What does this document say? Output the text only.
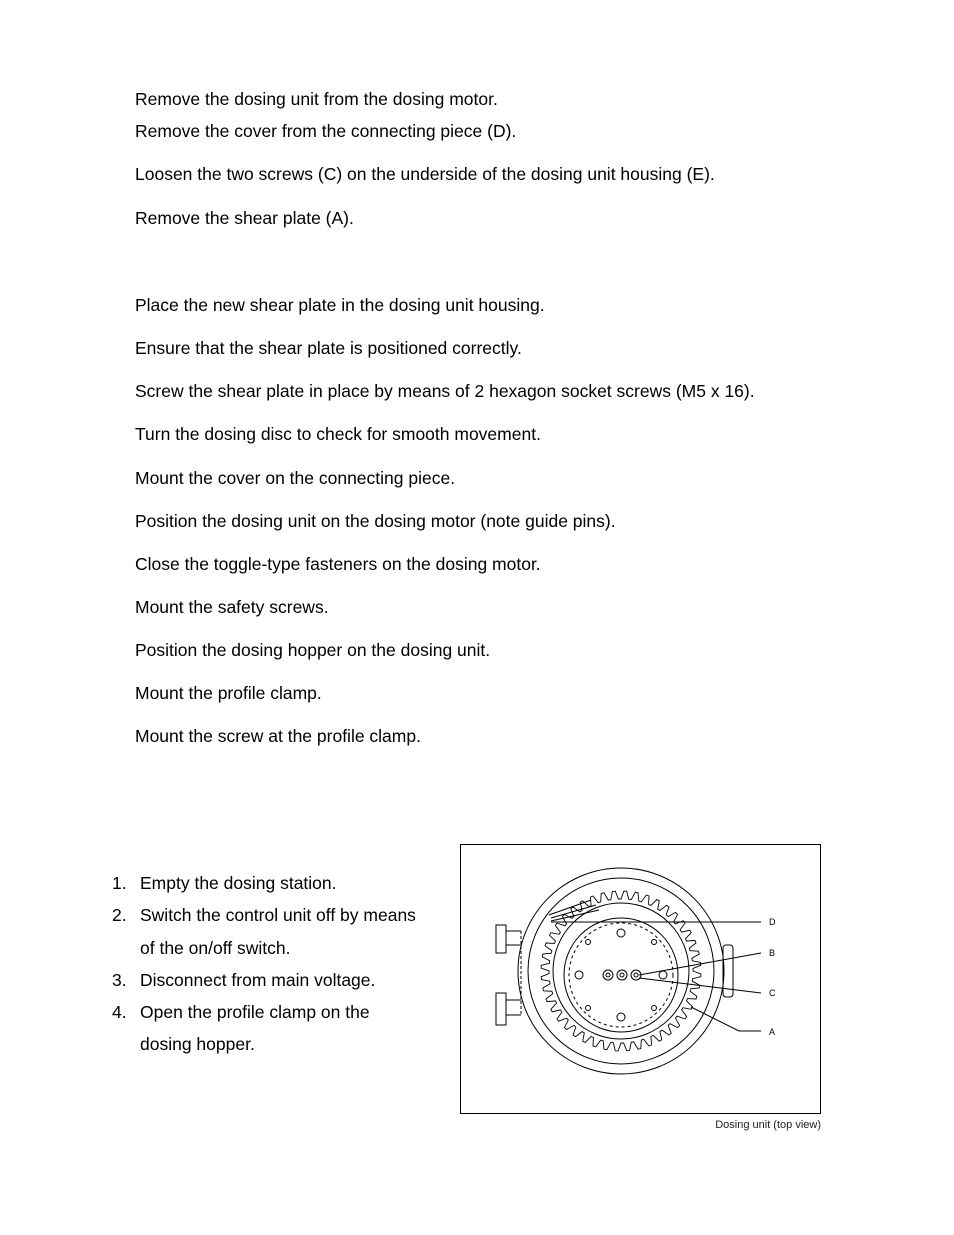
Remove the dosing unit from the dosing motor.
Remove the cover from the connecting piece (D).
Loosen the two screws (C) on the underside of the dosing unit housing (E).
Remove the shear plate (A).
Place the new shear plate in the dosing unit housing.
Ensure that the shear plate is positioned correctly.
Screw the shear plate in place by means of 2 hexagon socket screws (M5 x 16).
Turn the dosing disc to check for smooth movement.
Mount the cover on the connecting piece.
Position the dosing unit on the dosing motor (note guide pins).
Close the toggle-type fasteners on the dosing motor.
Mount the safety screws.
Position the dosing hopper on the dosing unit.
Mount the profile clamp.
Mount the screw at the profile clamp.
1. Empty the dosing station.
2. Switch the control unit off by means
of the on/off switch.
3. Disconnect from main voltage.
4. Open the profile clamp on the
dosing hopper.
D
B
C
A
Dosing unit (top view)
